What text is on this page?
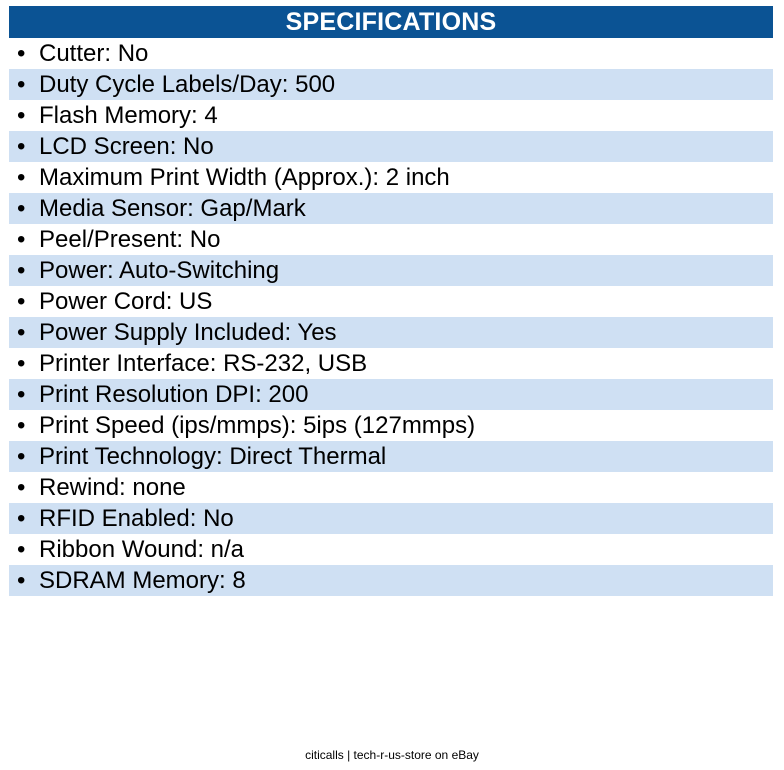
SPECIFICATIONS
• Cutter: No
• Duty Cycle Labels/Day: 500
• Flash Memory: 4
• LCD Screen: No
• Maximum Print Width (Approx.): 2 inch
• Media Sensor: Gap/Mark
• Peel/Present: No
• Power: Auto-Switching
• Power Cord: US
• Power Supply Included: Yes
• Printer Interface: RS-232, USB
• Print Resolution DPI: 200
• Print Speed (ips/mmps): 5ips (127mmps)
• Print Technology: Direct Thermal
• Rewind: none
• RFID Enabled: No
• Ribbon Wound: n/a
• SDRAM Memory: 8
citicalls | tech-r-us-store on eBay
